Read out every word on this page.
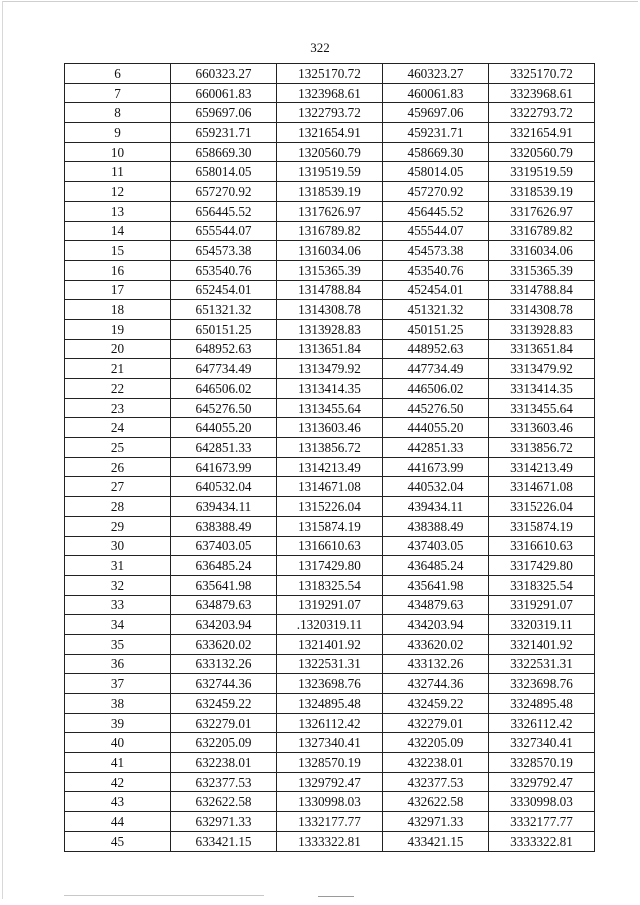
322
6	660323.27	1325170.72	460323.27	3325170.72
7	660061.83	1323968.61	460061.83	3323968.61
8	659697.06	1322793.72	459697.06	3322793.72
9	659231.71	1321654.91	459231.71	3321654.91
10	658669.30	1320560.79	458669.30	3320560.79
11	658014.05	1319519.59	458014.05	3319519.59
12	657270.92	1318539.19	457270.92	3318539.19
13	656445.52	1317626.97	456445.52	3317626.97
14	655544.07	1316789.82	455544.07	3316789.82
15	654573.38	1316034.06	454573.38	3316034.06
16	653540.76	1315365.39	453540.76	3315365.39
17	652454.01	1314788.84	452454.01	3314788.84
18	651321.32	1314308.78	451321.32	3314308.78
19	650151.25	1313928.83	450151.25	3313928.83
20	648952.63	1313651.84	448952.63	3313651.84
21	647734.49	1313479.92	447734.49	3313479.92
22	646506.02	1313414.35	446506.02	3313414.35
23	645276.50	1313455.64	445276.50	3313455.64
24	644055.20	1313603.46	444055.20	3313603.46
25	642851.33	1313856.72	442851.33	3313856.72
26	641673.99	1314213.49	441673.99	3314213.49
27	640532.04	1314671.08	440532.04	3314671.08
28	639434.11	1315226.04	439434.11	3315226.04
29	638388.49	1315874.19	438388.49	3315874.19
30	637403.05	1316610.63	437403.05	3316610.63
31	636485.24	1317429.80	436485.24	3317429.80
32	635641.98	1318325.54	435641.98	3318325.54
33	634879.63	1319291.07	434879.63	3319291.07
34	634203.94	.1320319.11	434203.94	3320319.11
35	633620.02	1321401.92	433620.02	3321401.92
36	633132.26	1322531.31	433132.26	3322531.31
37	632744.36	1323698.76	432744.36	3323698.76
38	632459.22	1324895.48	432459.22	3324895.48
39	632279.01	1326112.42	432279.01	3326112.42
40	632205.09	1327340.41	432205.09	3327340.41
41	632238.01	1328570.19	432238.01	3328570.19
42	632377.53	1329792.47	432377.53	3329792.47
43	632622.58	1330998.03	432622.58	3330998.03
44	632971.33	1332177.77	432971.33	3332177.77
45	633421.15	1333322.81	433421.15	3333322.81
